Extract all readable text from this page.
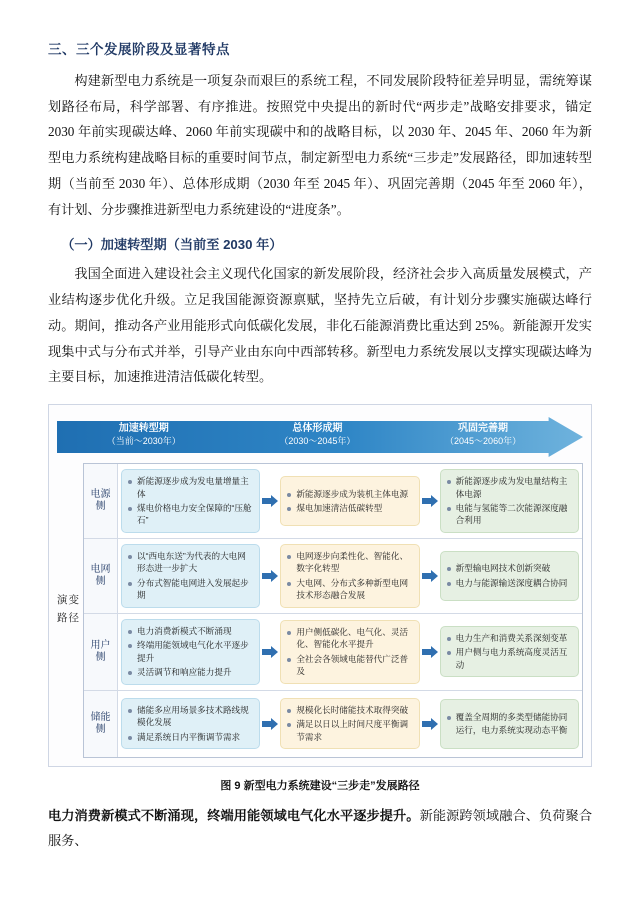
三、三个发展阶段及显著特点

构建新型电力系统是一项复杂而艰巨的系统工程，不同发展阶段特征差异明显，需统筹谋划路径布局，科学部署、有序推进。按照党中央提出的新时代“两步走”战略安排要求，锚定 2030 年前实现碳达峰、2060 年前实现碳中和的战略目标，以 2030 年、2045 年、2060 年为新型电力系统构建战略目标的重要时间节点，制定新型电力系统“三步走”发展路径，即加速转型期（当前至 2030 年）、总体形成期（2030 年至 2045 年）、巩固完善期（2045 年至 2060 年），有计划、分步骤推进新型电力系统建设的“进度条”。

（一）加速转型期（当前至 2030 年）

我国全面进入建设社会主义现代化国家的新发展阶段，经济社会步入高质量发展模式，产业结构逐步优化升级。立足我国能源资源禀赋，坚持先立后破，有计划分步骤实施碳达峰行动。期间，推动各产业用能形式向低碳化发展，非化石能源消费比重达到 25%。新能源开发实现集中式与分布式并举，引导产业由东向中西部转移。新型电力系统发展以支撑实现碳达峰为主要目标，加速推进清洁低碳化转型。

加速转型期
（当前～2030年）
总体形成期
（2030～2045年）
巩固完善期
（2045～2060年）
演变路径
电源侧
新能源逐步成为发电量增量主体
煤电价格电力安全保障的“压舱石”
新能源逐步成为装机主体电源
煤电加速清洁低碳转型
新能源逐步成为发电量结构主体电源
电能与氢能等二次能源深度融合利用
电网侧
以“西电东送”为代表的大电网形态进一步扩大
分布式智能电网进入发展起步期
电网逐步向柔性化、智能化、数字化转型
大电网、分布式多种新型电网技术形态融合发展
新型输电网技术创新突破
电力与能源输送深度耦合协同
用户侧
电力消费新模式不断涌现
终端用能领域电气化水平逐步提升
灵活调节和响应能力提升
用户侧低碳化、电气化、灵活化、智能化水平提升
全社会各领域电能替代广泛普及
电力生产和消费关系深刻变革
用户侧与电力系统高度灵活互动
储能侧
储能多应用场景多技术路线规模化发展
满足系统日内平衡调节需求
规模化长时储能技术取得突破
满足以日以上时间尺度平衡调节需求
覆盖全周期的多类型储能协同运行，电力系统实现动态平衡
图 9 新型电力系统建设“三步走”发展路径

电力消费新模式不断涌现，终端用能领域电气化水平逐步提升。新能源跨领域融合、负荷聚合服务、
